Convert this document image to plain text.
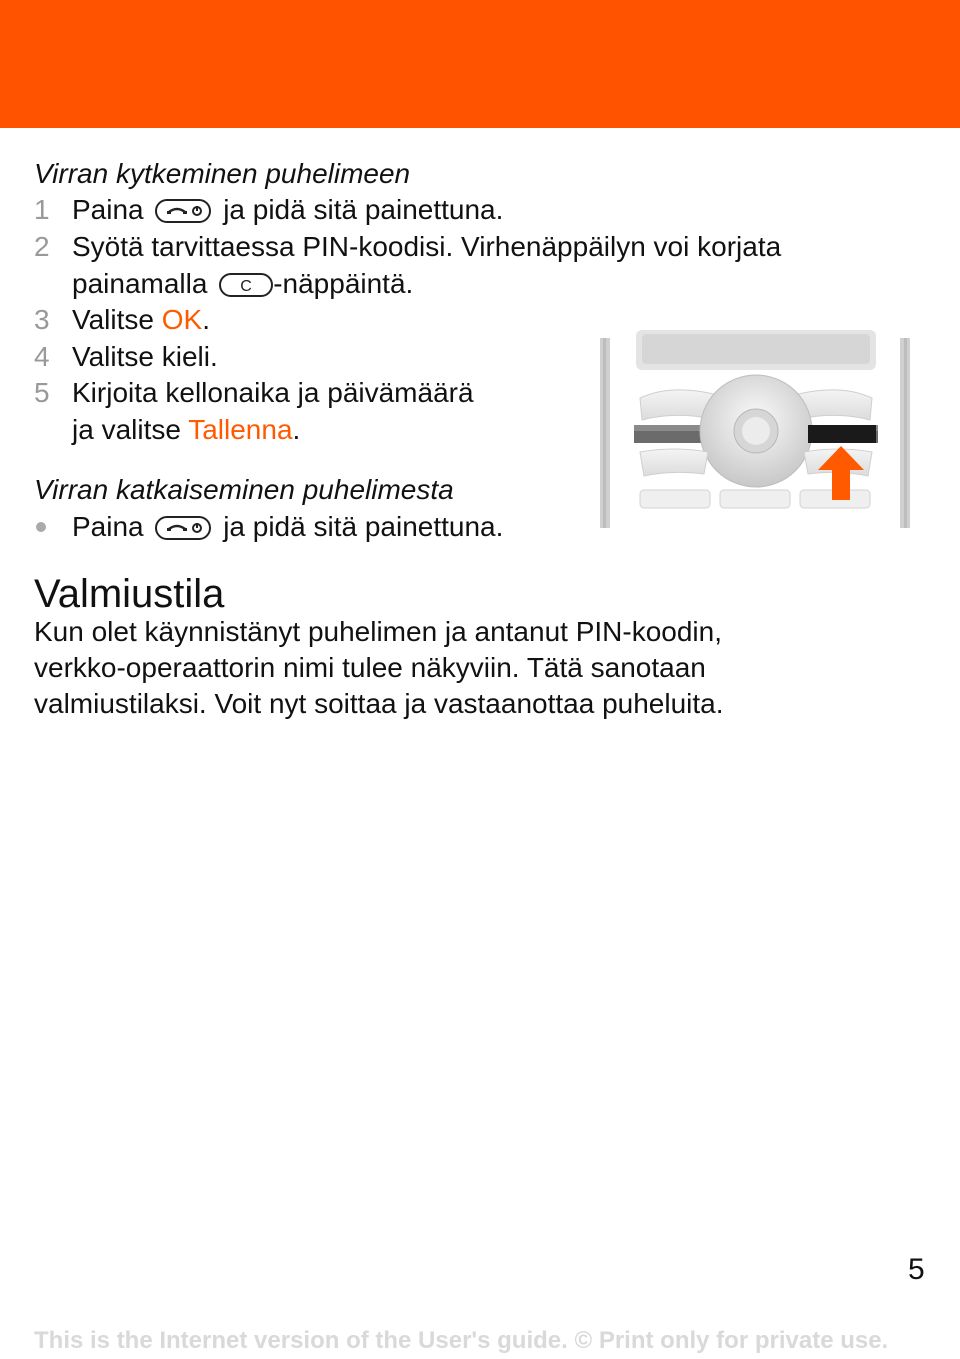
Virran kytkeminen puhelimeen
1 Paina	ja pidä sitä painettuna.
2 Syötä tarvittaessa PIN-koodisi. Virhenäppäilyn voi korjata
painamalla C -näppäintä.
3 Valitse OK.
4 Valitse kieli.
5 Kirjoita kellonaika ja päivämäärä
ja valitse Tallenna.
Virran katkaiseminen puhelimesta
Paina	ja pidä sitä painettuna.
Valmiustila
Kun olet käynnistänyt puhelimen ja antanut PIN-koodin,
verkko-operaattorin nimi tulee näkyviin. Tätä sanotaan
valmiustilaksi. Voit nyt soittaa ja vastaanottaa puheluita.
5
This is the Internet version of the User's guide. © Print only for private use.
